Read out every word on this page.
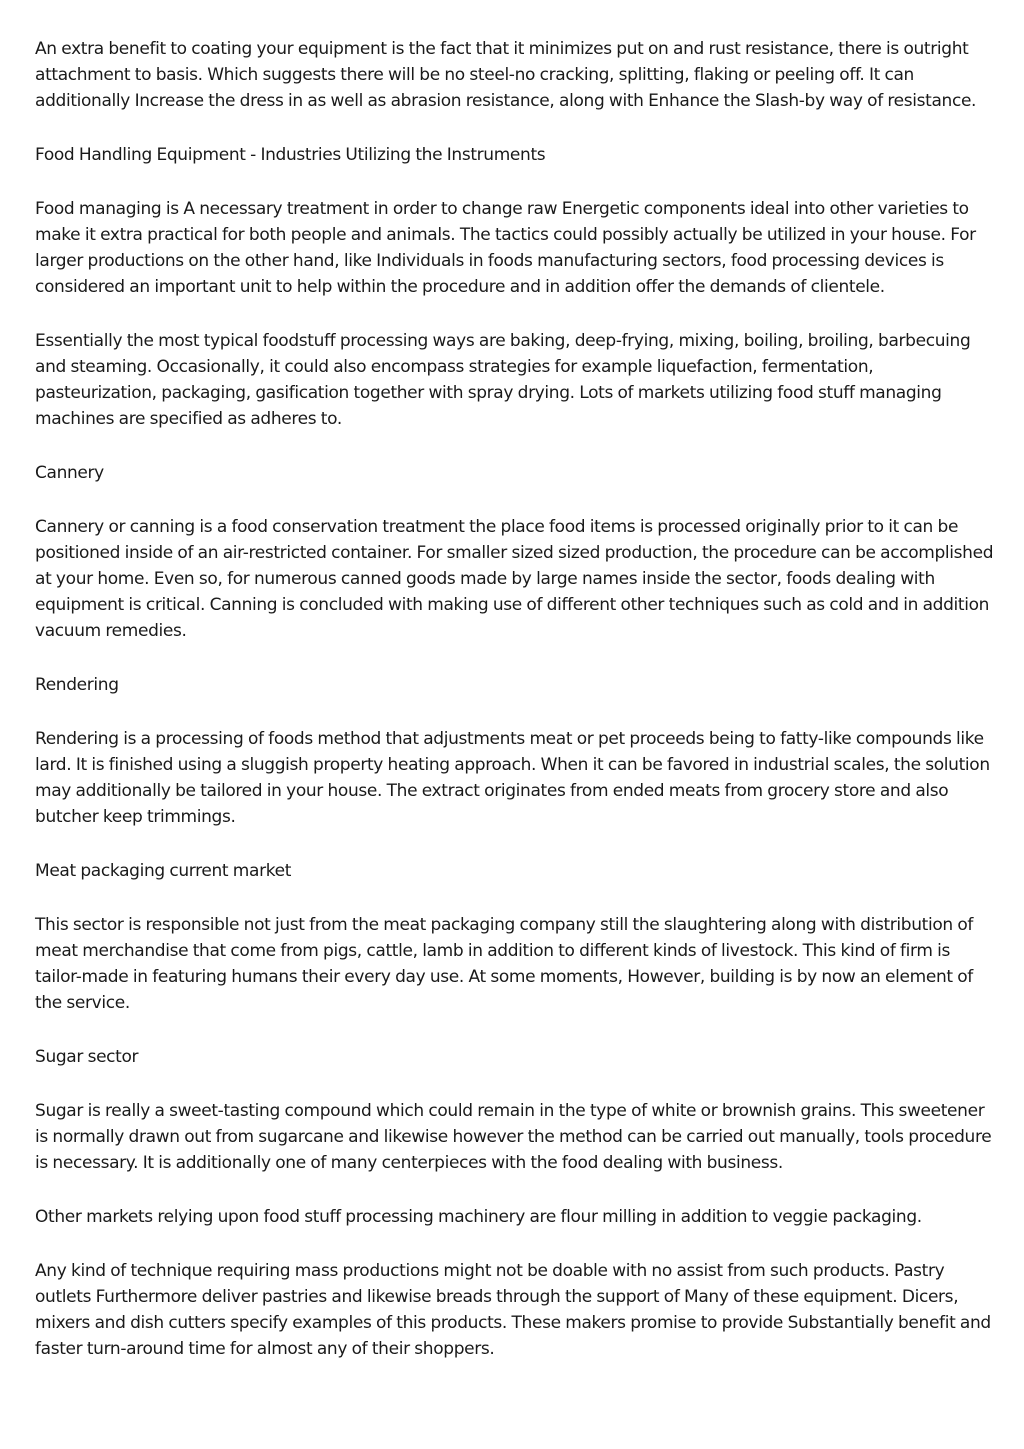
An extra benefit to coating your equipment is the fact that it minimizes put on and rust resistance, there is outright attachment to basis. Which suggests there will be no steel-no cracking, splitting, flaking or peeling off. It can additionally Increase the dress in as well as abrasion resistance, along with Enhance the Slash-by way of resistance.

Food Handling Equipment - Industries Utilizing the Instruments

Food managing is A necessary treatment in order to change raw Energetic components ideal into other varieties to make it extra practical for both people and animals. The tactics could possibly actually be utilized in your house. For larger productions on the other hand, like Individuals in foods manufacturing sectors, food processing devices is considered an important unit to help within the procedure and in addition offer the demands of clientele.

Essentially the most typical foodstuff processing ways are baking, deep-frying, mixing, boiling, broiling, barbecuing and steaming. Occasionally, it could also encompass strategies for example liquefaction, fermentation, pasteurization, packaging, gasification together with spray drying. Lots of markets utilizing food stuff managing machines are specified as adheres to.

Cannery

Cannery or canning is a food conservation treatment the place food items is processed originally prior to it can be positioned inside of an air-restricted container. For smaller sized sized production, the procedure can be accomplished at your home. Even so, for numerous canned goods made by large names inside the sector, foods dealing with equipment is critical. Canning is concluded with making use of different other techniques such as cold and in addition vacuum remedies.

Rendering

Rendering is a processing of foods method that adjustments meat or pet proceeds being to fatty-like compounds like lard. It is finished using a sluggish property heating approach. When it can be favored in industrial scales, the solution may additionally be tailored in your house. The extract originates from ended meats from grocery store and also butcher keep trimmings.

Meat packaging current market

This sector is responsible not just from the meat packaging company still the slaughtering along with distribution of meat merchandise that come from pigs, cattle, lamb in addition to different kinds of livestock. This kind of firm is tailor-made in featuring humans their every day use. At some moments, However, building is by now an element of the service.

Sugar sector

Sugar is really a sweet-tasting compound which could remain in the type of white or brownish grains. This sweetener is normally drawn out from sugarcane and likewise however the method can be carried out manually, tools procedure is necessary. It is additionally one of many centerpieces with the food dealing with business.

Other markets relying upon food stuff processing machinery are flour milling in addition to veggie packaging.

Any kind of technique requiring mass productions might not be doable with no assist from such products. Pastry outlets Furthermore deliver pastries and likewise breads through the support of Many of these equipment. Dicers, mixers and dish cutters specify examples of this products. These makers promise to provide Substantially benefit and faster turn-around time for almost any of their shoppers.
